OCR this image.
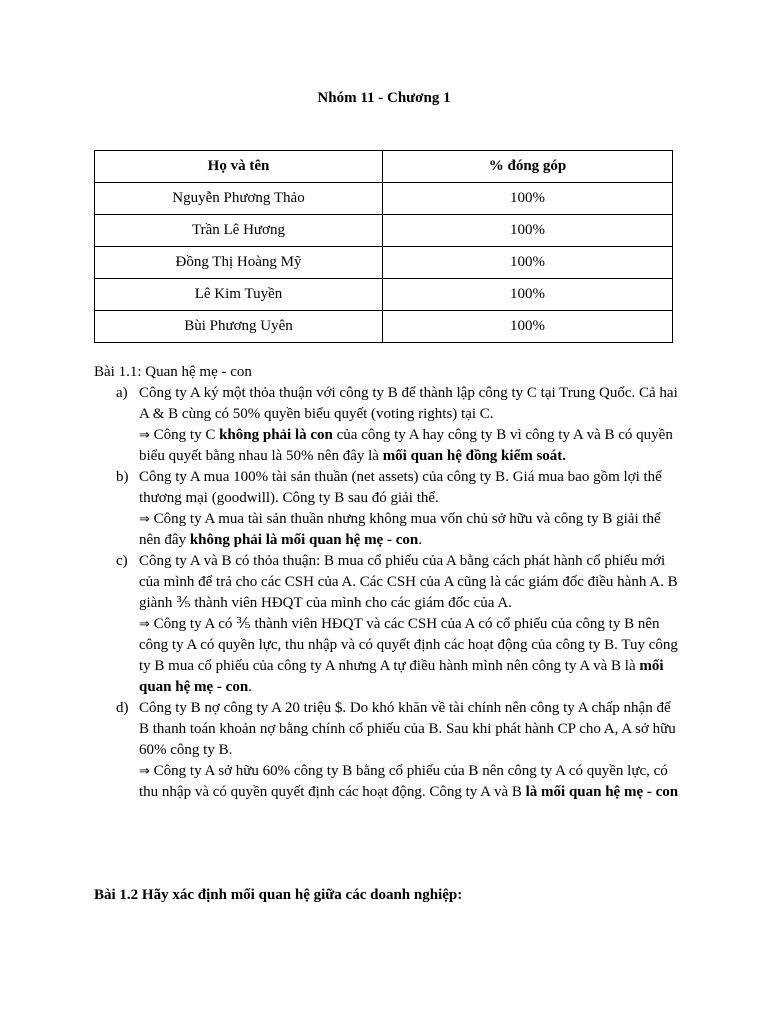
Nhóm 11 - Chương 1
Họ và tên	% đóng góp
Nguyễn Phương Thảo	100%
Trần Lê Hương	100%
Đồng Thị Hoàng Mỹ	100%
Lê Kim Tuyền	100%
Bùi Phương Uyên	100%

Bài 1.1: Quan hệ mẹ - con

a) Công ty A ký một thỏa thuận với công ty B để thành lập công ty C tại Trung Quốc. Cả hai A & B cùng có 50% quyền biểu quyết (voting rights) tại C.
⇒ Công ty C không phải là con của công ty A hay công ty B vì công ty A và B có quyền biểu quyết bằng nhau là 50% nên đây là mối quan hệ đồng kiểm soát.
b) Công ty A mua 100% tài sản thuần (net assets) của công ty B. Giá mua bao gồm lợi thế thương mại (goodwill). Công ty B sau đó giải thể.
⇒ Công ty A mua tài sản thuần nhưng không mua vốn chủ sở hữu và công ty B giải thể nên đây không phải là mối quan hệ mẹ - con.
c) Công ty A và B có thỏa thuận: B mua cổ phiếu của A bằng cách phát hành cổ phiếu mới của mình để trả cho các CSH của A. Các CSH của A cũng là các giám đốc điều hành A. B giành ⅗ thành viên HĐQT của mình cho các giám đốc của A.
⇒ Công ty A có ⅗ thành viên HĐQT và các CSH của A có cổ phiếu của công ty B nên công ty A có quyền lực, thu nhập và có quyết định các hoạt động của công ty B. Tuy công ty B mua cổ phiếu của công ty A nhưng A tự điều hành mình nên công ty A và B là mối quan hệ mẹ - con.
d) Công ty B nợ công ty A 20 triệu $. Do khó khăn về tài chính nên công ty A chấp nhận để B thanh toán khoản nợ bằng chính cổ phiếu của B. Sau khi phát hành CP cho A, A sở hữu 60% công ty B.
⇒ Công ty A sở hữu 60% công ty B bằng cổ phiếu của B nên công ty A có quyền lực, có thu nhập và có quyền quyết định các hoạt động. Công ty A và B là mối quan hệ mẹ - con
Bài 1.2 Hãy xác định mối quan hệ giữa các doanh nghiệp:
